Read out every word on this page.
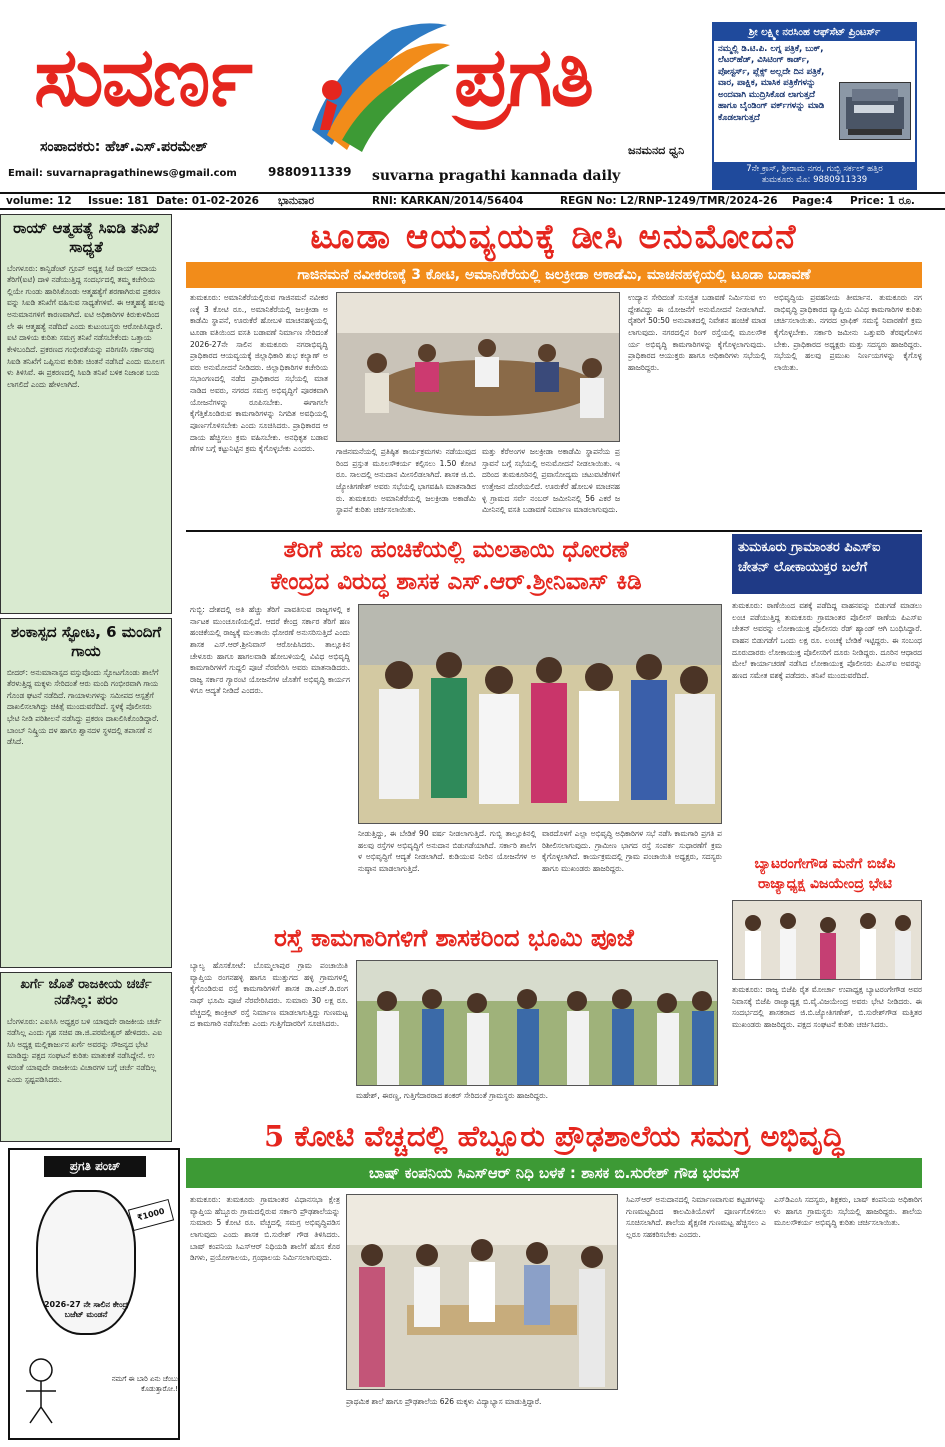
ಸುವರ್ಣ ಪ್ರಗತಿ
ಸಂಪಾದಕರು: ಹೆಚ್.ಎಸ್.ಪರಮೇಶ್
Email: suvarnapragathinews@gmail.com	9880911339
ಜನಮನದ ಧ್ವನಿ
suvarna pragathi kannada daily
ಶ್ರೀ ಲಕ್ಷ್ಮೀ ನರಸಿಂಹ ಆಫ್‌ಸೆಟ್ ಪ್ರಿಂಟರ್ಸ್
ನಮ್ಮಲ್ಲಿ ಡಿ.ಟಿ.ಪಿ. ಲಗ್ನ ಪತ್ರಿಕೆ, ಬುಕ್, ಲೆಟರ್‌ಹೆಡ್, ವಿಸಿಟಿಂಗ್ ಕಾರ್ಡ್, ಪೋಸ್ಟರ್ಸ್, ಪ್ಲೆಕ್ಸ್ ಅಲ್ಲದೇ ದಿನ ಪತ್ರಿಕೆ, ವಾರ, ಪಾಕ್ಷಿಕ, ಮಾಸಿಕ ಪತ್ರಿಕೆಗಳನ್ನು ಅಂದವಾಗಿ ಮುದ್ರಿಸಿಕೊಡ ಲಾಗುತ್ತದೆ ಹಾಗೂ ಬೈಂಡಿಂಗ್ ವರ್ಕ್‌ಗಳನ್ನು ಮಾಡಿ ಕೊಡಲಾಗುತ್ತದೆ
7ನೇ ಕ್ರಾಸ್, ಶ್ರೀರಾಮ ನಗರ, ಗುಬ್ಬಿ ಸರ್ಕಲ್ ಹತ್ತಿರ
ತುಮಕೂರು ಮೊ: 9880911339
volume: 12 Issue: 181 Date: 01-02-2026 ಭಾನುವಾರ	RNI: KARKAN/2014/56404	REGN No: L2/RNP-1249/TMR/2024-26 Page:4 Price: 1 ರೂ.
ರಾಯ್ ಆತ್ಮಹತ್ಯೆ ಸಿಐಡಿ ತನಿಖೆ ಸಾಧ್ಯತೆ
ಬೆಂಗಳೂರು: ಕಾನ್ಫಿಡೆಂಟ್ ಗ್ರೂಪ್ ಅಧ್ಯಕ್ಷ ಸಿಜೆ ರಾಯ್ ಆದಾಯ ತೆರಿಗೆ(ಐಟಿ) ದಾಳಿ ನಡೆಯುತ್ತಿದ್ದ ಸಂದರ್ಭದಲ್ಲಿ ತಮ್ಮ ಕಚೇರಿಯಲ್ಲಿಯೇ ಗುಂಡು ಹಾರಿಸಿಕೊಂಡು ಆತ್ಮಹತ್ಯೆಗೆ ಶರಣಾಗಿರುವ ಪ್ರಕರಣವನ್ನು ಸಿಐಡಿ ತನಿಖೆಗೆ ವಹಿಸುವ ಸಾಧ್ಯತೆಗಳಿವೆ. ಈ ಆತ್ಮಹತ್ಯೆ ಹಲವು ಅನುಮಾನಗಳಿಗೆ ಕಾರಣವಾಗಿದೆ. ಐಟಿ ಅಧಿಕಾರಿಗಳ ಕಿರುಕುಳದಿಂದಲೇ ಈ ಆತ್ಮಹತ್ಯೆ ನಡೆದಿದೆ ಎಂದು ಕುಟುಂಬಸ್ಥರು ಆರೋಪಿಸಿದ್ದಾರೆ. ಐಟಿ ದಾಳಿಯ ಕುರಿತು ಸಮಗ್ರ ತನಿಖೆ ನಡೆಸಬೇಕೆಂದು ಒತ್ತಾಯ ಕೇಳಿಬಂದಿದೆ. ಪ್ರಕರಣದ ಗಂಭೀರತೆಯನ್ನು ಪರಿಗಣಿಸಿ ಸರ್ಕಾರವು ಸಿಐಡಿ ತನಿಖೆಗೆ ಒಪ್ಪಿಸುವ ಕುರಿತು ಚಿಂತನೆ ನಡೆಸಿದೆ ಎಂದು ಮೂಲಗಳು ತಿಳಿಸಿವೆ. ಈ ಪ್ರಕರಣದಲ್ಲಿ ಸಿಐಡಿ ತನಿಖೆ ಬಳಿಕ ನಿಜಾಂಶ ಬಯಲಾಗಲಿದೆ ಎಂದು ಹೇಳಲಾಗಿದೆ.
ಶಂಕಾಸ್ಪದ ಸ್ಫೋಟ, 6 ಮಂದಿಗೆ ಗಾಯ
ಬೀದರ್: ಅನುಮಾನಾಸ್ಪದ ವಸ್ತುವೊಂದು ಸ್ಫೋಟಗೊಂಡು ಶಾಲೆಗೆ ತೆರಳುತ್ತಿದ್ದ ಮಕ್ಕಳು ಸೇರಿದಂತೆ ಆರು ಮಂದಿ ಗಂಭೀರವಾಗಿ ಗಾಯಗೊಂಡ ಘಟನೆ ನಡೆದಿದೆ. ಗಾಯಾಳುಗಳನ್ನು ಸಮೀಪದ ಆಸ್ಪತ್ರೆಗೆ ದಾಖಲಿಸಲಾಗಿದ್ದು ಚಿಕಿತ್ಸೆ ಮುಂದುವರೆದಿದೆ. ಸ್ಥಳಕ್ಕೆ ಪೊಲೀಸರು ಭೇಟಿ ನೀಡಿ ಪರಿಶೀಲನೆ ನಡೆಸಿದ್ದು ಪ್ರಕರಣ ದಾಖಲಿಸಿಕೊಂಡಿದ್ದಾರೆ. ಬಾಂಬ್ ನಿಷ್ಕ್ರಿಯ ದಳ ಹಾಗೂ ಶ್ವಾನದಳ ಸ್ಥಳದಲ್ಲಿ ತಪಾಸಣೆ ನಡೆಸಿದೆ.
ಖರ್ಗೆ ಜೊತೆ ರಾಜಕೀಯ ಚರ್ಚೆ ನಡೆಸಿಲ್ಲ: ಪರಂ
ಬೆಂಗಳೂರು: ಎಐಸಿಸಿ ಅಧ್ಯಕ್ಷರ ಬಳಿ ಯಾವುದೇ ರಾಜಕೀಯ ಚರ್ಚೆ ನಡೆಸಿಲ್ಲ ಎಂದು ಗೃಹ ಸಚಿವ ಡಾ.ಜಿ.ಪರಮೇಶ್ವರ್ ಹೇಳಿದರು. ಎಐಸಿಸಿ ಅಧ್ಯಕ್ಷ ಮಲ್ಲಿಕಾರ್ಜುನ ಖರ್ಗೆ ಅವರನ್ನು ಸೌಜನ್ಯದ ಭೇಟಿ ಮಾಡಿದ್ದು ಪಕ್ಷದ ಸಂಘಟನೆ ಕುರಿತು ಮಾತುಕತೆ ನಡೆಸಿದ್ದೇನೆ. ಉಳಿದಂತೆ ಯಾವುದೇ ರಾಜಕೀಯ ವಿಚಾರಗಳ ಬಗ್ಗೆ ಚರ್ಚೆ ನಡೆದಿಲ್ಲ ಎಂದು ಸ್ಪಷ್ಟಪಡಿಸಿದರು.
ಪ್ರಗತಿ ಪಂಚ್
₹1000
2026-27 ನೇ ಸಾಲಿನ ಕೇಂದ್ರ ಬಜೆಟ್ ಮಂಡನೆ
ನಮಗೆ ಈ ಬಾರಿ ಏನು ಚೆಂಬು ಕೊಡುತ್ತಾರೋ.!
ಟೂಡಾ ಆಯವ್ಯಯಕ್ಕೆ ಡೀಸಿ ಅನುಮೋದನೆ
ಗಾಜಿನಮನೆ ನವೀಕರಣಕ್ಕೆ 3 ಕೋಟಿ, ಅಮಾನಿಕೆರೆಯಲ್ಲಿ ಜಲಕ್ರೀಡಾ ಅಕಾಡೆಮಿ, ಮಾಚನಹಳ್ಳಿಯಲ್ಲಿ ಟೂಡಾ ಬಡಾವಣೆ
ತುಮಕೂರು: ಅಮಾನಿಕೆರೆಯಲ್ಲಿರುವ ಗಾಜಿನಮನೆ ನವೀಕರಣಕ್ಕೆ 3 ಕೋಟಿ ರೂ., ಅಮಾನಿಕೆರೆಯಲ್ಲಿ ಜಲಕ್ರೀಡಾ ಅಕಾಡೆಮಿ ಸ್ಥಾಪನೆ, ಊರುಕೆರೆ ಹೋಬಳಿ ಮಾಚನಹಳ್ಳಿಯಲ್ಲಿ ಟೂಡಾ ವತಿಯಿಂದ ವಸತಿ ಬಡಾವಣೆ ನಿರ್ಮಾಣ ಸೇರಿದಂತೆ 2026-27ನೇ ಸಾಲಿನ ತುಮಕೂರು ನಗರಾಭಿವೃದ್ಧಿ ಪ್ರಾಧಿಕಾರದ ಆಯವ್ಯಯಕ್ಕೆ ಜಿಲ್ಲಾಧಿಕಾರಿ ಶುಭ ಕಲ್ಯಾಣ್ ಅವರು ಅನುಮೋದನೆ ನೀಡಿದರು. ಜಿಲ್ಲಾಧಿಕಾರಿಗಳ ಕಚೇರಿಯ ಸಭಾಂಗಣದಲ್ಲಿ ನಡೆದ ಪ್ರಾಧಿಕಾರದ ಸಭೆಯಲ್ಲಿ ಮಾತನಾಡಿದ ಅವರು, ನಗರದ ಸಮಗ್ರ ಅಭಿವೃದ್ಧಿಗೆ ಪೂರಕವಾಗಿ ಯೋಜನೆಗಳನ್ನು ರೂಪಿಸಬೇಕು. ಈಗಾಗಲೇ ಕೈಗೆತ್ತಿಕೊಂಡಿರುವ ಕಾಮಗಾರಿಗಳನ್ನು ನಿಗದಿತ ಅವಧಿಯಲ್ಲಿ ಪೂರ್ಣಗೊಳಿಸಬೇಕು ಎಂದು ಸೂಚಿಸಿದರು. ಪ್ರಾಧಿಕಾರದ ಆದಾಯ ಹೆಚ್ಚಿಸಲು ಕ್ರಮ ವಹಿಸಬೇಕು. ಅನಧಿಕೃತ ಬಡಾವಣೆಗಳ ಬಗ್ಗೆ ಕಟ್ಟುನಿಟ್ಟಿನ ಕ್ರಮ ಕೈಗೊಳ್ಳಬೇಕು ಎಂದರು.	ಗಾಜಿನಮನೆಯಲ್ಲಿ ಪ್ರತಿಷ್ಠಿತ ಕಾರ್ಯಕ್ರಮಗಳು ನಡೆಯುವುದರಿಂದ ಪ್ರಸ್ತುತ ಮೂಲಸೌಕರ್ಯ ಕಲ್ಪಿಸಲು 1.50 ಕೋಟಿ ರೂ. ಸಾಲದಲ್ಲಿ ಅನುದಾನ ಮೀಸಲಿಡಲಾಗಿದೆ. ಶಾಸಕ ಜಿ.ಬಿ.ಜ್ಯೋತಿಗಣೇಶ್ ಅವರು ಸಭೆಯಲ್ಲಿ ಭಾಗವಹಿಸಿ ಮಾತನಾಡಿದರು. ತುಮಕೂರು ಅಮಾನಿಕೆರೆಯಲ್ಲಿ ಜಲಕ್ರೀಡಾ ಅಕಾಡೆಮಿ ಸ್ಥಾಪನೆ ಕುರಿತು ಚರ್ಚಿಸಲಾಯಿತು.
ಮತ್ತು ಕೆರೆಅಂಗಳ ಜಲಕ್ರೀಡಾ ಅಕಾಡೆಮಿ ಸ್ಥಾಪನೆಯ ಪ್ರಸ್ತಾವನೆ ಬಗ್ಗೆ ಸಭೆಯಲ್ಲಿ ಅನುಮೋದನೆ ನೀಡಲಾಯಿತು. ಇದರಿಂದ ತುಮಕೂರಿನಲ್ಲಿ ಪ್ರವಾಸೋದ್ಯಮ ಚಟುವಟಿಕೆಗಳಿಗೆ ಉತ್ತೇಜನ ದೊರೆಯಲಿದೆ. ಊರುಕೆರೆ ಹೋಬಳಿ ಮಾಚನಹಳ್ಳಿ ಗ್ರಾಮದ ಸರ್ವೆ ನಂಬರ್ ಜಮೀನಿನಲ್ಲಿ 56 ಎಕರೆ ಜಮೀನಿನಲ್ಲಿ ವಸತಿ ಬಡಾವಣೆ ನಿರ್ಮಾಣ ಮಾಡಲಾಗುವುದು.
ಉದ್ಯಾನ ಸೇರಿದಂತೆ ಸುಸಜ್ಜಿತ ಬಡಾವಣೆ ನಿರ್ಮಿಸುವ ಉದ್ದೇಶವಿದ್ದು ಈ ಯೋಜನೆಗೆ ಅನುಮೋದನೆ ನೀಡಲಾಗಿದೆ. ರೈತರಿಗೆ 50:50 ಅನುಪಾತದಲ್ಲಿ ನಿವೇಶನ ಹಂಚಿಕೆ ಮಾಡಲಾಗುವುದು. ನಗರದಲ್ಲಿನ ರಿಂಗ್ ರಸ್ತೆಯಲ್ಲಿ ಮೂಲಸೌಕರ್ಯ ಅಭಿವೃದ್ಧಿ ಕಾಮಗಾರಿಗಳನ್ನು ಕೈಗೊಳ್ಳಲಾಗುವುದು. ಪ್ರಾಧಿಕಾರದ ಆಯುಕ್ತರು ಹಾಗೂ ಅಧಿಕಾರಿಗಳು ಸಭೆಯಲ್ಲಿ ಹಾಜರಿದ್ದರು.
ಅಭಿವೃದ್ಧಿಯ ಪ್ರವಹನೀಯ ತೀರ್ಮಾನ. ತುಮಕೂರು ನಗರಾಭಿವೃದ್ಧಿ ಪ್ರಾಧಿಕಾರದ ವ್ಯಾಪ್ತಿಯ ವಿವಿಧ ಕಾಮಗಾರಿಗಳ ಕುರಿತು ಚರ್ಚಿಸಲಾಯಿತು. ನಗರದ ಟ್ರಾಫಿಕ್ ಸಮಸ್ಯೆ ನಿವಾರಣೆಗೆ ಕ್ರಮ ಕೈಗೊಳ್ಳಬೇಕು. ಸರ್ಕಾರಿ ಜಮೀನು ಒತ್ತುವರಿ ತೆರವುಗೊಳಿಸಬೇಕು. ಪ್ರಾಧಿಕಾರದ ಅಧ್ಯಕ್ಷರು ಮತ್ತು ಸದಸ್ಯರು ಹಾಜರಿದ್ದರು. ಸಭೆಯಲ್ಲಿ ಹಲವು ಪ್ರಮುಖ ನಿರ್ಣಯಗಳನ್ನು ಕೈಗೊಳ್ಳಲಾಯಿತು.
ತೆರಿಗೆ ಹಣ ಹಂಚಿಕೆಯಲ್ಲಿ ಮಲತಾಯಿ ಧೋರಣೆ
ಕೇಂದ್ರದ ವಿರುದ್ಧ ಶಾಸಕ ಎಸ್.ಆರ್.ಶ್ರೀನಿವಾಸ್ ಕಿಡಿ
ಗುಬ್ಬಿ: ದೇಶದಲ್ಲಿ ಅತಿ ಹೆಚ್ಚು ತೆರಿಗೆ ಪಾವತಿಸುವ ರಾಜ್ಯಗಳಲ್ಲಿ ಕರ್ನಾಟಕ ಮುಂಚೂಣಿಯಲ್ಲಿದೆ. ಆದರೆ ಕೇಂದ್ರ ಸರ್ಕಾರ ತೆರಿಗೆ ಹಣ ಹಂಚಿಕೆಯಲ್ಲಿ ರಾಜ್ಯಕ್ಕೆ ಮಲತಾಯಿ ಧೋರಣೆ ಅನುಸರಿಸುತ್ತಿದೆ ಎಂದು ಶಾಸಕ ಎಸ್.ಆರ್.ಶ್ರೀನಿವಾಸ್ ಆರೋಪಿಸಿದರು. ತಾಲ್ಲೂಕಿನ ಚೇಳೂರು ಹಾಗೂ ಹಾಗಲವಾಡಿ ಹೋಬಳಿಯಲ್ಲಿ ವಿವಿಧ ಅಭಿವೃದ್ಧಿ ಕಾಮಗಾರಿಗಳಿಗೆ ಗುದ್ದಲಿ ಪೂಜೆ ನೆರವೇರಿಸಿ ಅವರು ಮಾತನಾಡಿದರು. ರಾಜ್ಯ ಸರ್ಕಾರ ಗ್ಯಾರಂಟಿ ಯೋಜನೆಗಳ ಜೊತೆಗೆ ಅಭಿವೃದ್ಧಿ ಕಾರ್ಯಗಳಿಗೂ ಆದ್ಯತೆ ನೀಡಿದೆ ಎಂದರು.
ನೀಡುತ್ತಿದ್ದು, ಈ ಬೇಡಿಕೆ 90 ವರ್ಷ ನೀಡಲಾಗುತ್ತಿದೆ. ಗುಬ್ಬಿ ತಾಲ್ಲೂಕಿನಲ್ಲಿ ಹಲವು ರಸ್ತೆಗಳ ಅಭಿವೃದ್ಧಿಗೆ ಅನುದಾನ ಬಿಡುಗಡೆಯಾಗಿದೆ. ಸರ್ಕಾರಿ ಶಾಲೆಗಳ ಅಭಿವೃದ್ಧಿಗೆ ಆದ್ಯತೆ ನೀಡಲಾಗಿದೆ. ಕುಡಿಯುವ ನೀರಿನ ಯೋಜನೆಗಳ ಅನುಷ್ಠಾನ ಮಾಡಲಾಗುತ್ತಿದೆ.
ವಾರದೊಳಗೆ ಎಲ್ಲಾ ಅಭಿವೃದ್ಧಿ ಅಧಿಕಾರಿಗಳ ಸಭೆ ನಡೆಸಿ ಕಾಮಗಾರಿ ಪ್ರಗತಿ ಪರಿಶೀಲಿಸಲಾಗುವುದು. ಗ್ರಾಮೀಣ ಭಾಗದ ರಸ್ತೆ ಸಂಪರ್ಕ ಸುಧಾರಣೆಗೆ ಕ್ರಮ ಕೈಗೊಳ್ಳಲಾಗಿದೆ. ಕಾರ್ಯಕ್ರಮದಲ್ಲಿ ಗ್ರಾಮ ಪಂಚಾಯಿತಿ ಅಧ್ಯಕ್ಷರು, ಸದಸ್ಯರು ಹಾಗೂ ಮುಖಂಡರು ಹಾಜರಿದ್ದರು.
ತುಮಕೂರು ಗ್ರಾಮಾಂತರ ಪಿಎಸ್‌ಐ ಚೇತನ್ ಲೋಕಾಯುಕ್ತರ ಬಲೆಗೆ
ತುಮಕೂರು: ಠಾಣೆಯಿಂದ ವಶಕ್ಕೆ ಪಡೆದಿದ್ದ ವಾಹನವನ್ನು ಬಿಡುಗಡೆ ಮಾಡಲು ಲಂಚ ಪಡೆಯುತ್ತಿದ್ದ ತುಮಕೂರು ಗ್ರಾಮಾಂತರ ಪೊಲೀಸ್ ಠಾಣೆಯ ಪಿಎಸ್‌ಐ ಚೇತನ್ ಅವರನ್ನು ಲೋಕಾಯುಕ್ತ ಪೊಲೀಸರು ರೆಡ್ ಹ್ಯಾಂಡ್ ಆಗಿ ಬಂಧಿಸಿದ್ದಾರೆ. ವಾಹನ ಬಿಡುಗಡೆಗೆ ಒಂದು ಲಕ್ಷ ರೂ. ಲಂಚಕ್ಕೆ ಬೇಡಿಕೆ ಇಟ್ಟಿದ್ದರು. ಈ ಸಂಬಂಧ ದೂರುದಾರರು ಲೋಕಾಯುಕ್ತ ಪೊಲೀಸರಿಗೆ ದೂರು ನೀಡಿದ್ದರು. ದೂರಿನ ಆಧಾರದ ಮೇಲೆ ಕಾರ್ಯಾಚರಣೆ ನಡೆಸಿದ ಲೋಕಾಯುಕ್ತ ಪೊಲೀಸರು ಪಿಎಸ್‌ಐ ಅವರನ್ನು ಹಣದ ಸಮೇತ ವಶಕ್ಕೆ ಪಡೆದರು. ತನಿಖೆ ಮುಂದುವರೆದಿದೆ.
ಬ್ಯಾಟರಂಗೇಗೌಡ ಮನೆಗೆ ಬಿಜೆಪಿ
ರಾಜ್ಯಾಧ್ಯಕ್ಷ ವಿಜಯೇಂದ್ರ ಭೇಟಿ
ತುಮಕೂರು: ರಾಜ್ಯ ಬಿಜೆಪಿ ರೈತ ಮೋರ್ಚಾ ಉಪಾಧ್ಯಕ್ಷ ಬ್ಯಾಟರಂಗೇಗೌಡ ಅವರ ನಿವಾಸಕ್ಕೆ ಬಿಜೆಪಿ ರಾಜ್ಯಾಧ್ಯಕ್ಷ ಬಿ.ವೈ.ವಿಜಯೇಂದ್ರ ಅವರು ಭೇಟಿ ನೀಡಿದರು. ಈ ಸಂದರ್ಭದಲ್ಲಿ ಶಾಸಕರಾದ ಜಿ.ಬಿ.ಜ್ಯೋತಿಗಣೇಶ್, ಬಿ.ಸುರೇಶ್‌ಗೌಡ ಮತ್ತಿತರ ಮುಖಂಡರು ಹಾಜರಿದ್ದರು. ಪಕ್ಷದ ಸಂಘಟನೆ ಕುರಿತು ಚರ್ಚಿಸಿದರು.
ರಸ್ತೆ ಕಾಮಗಾರಿಗಳಿಗೆ ಶಾಸಕರಿಂದ ಭೂಮಿ ಪೂಜೆ
ಬ್ಯಾಲ್ಯ ಹೊಸಕೋಟೆ: ಬೊಮ್ಮಲಾಪುರ ಗ್ರಾಮ ಪಂಚಾಯಿತಿ ವ್ಯಾಪ್ತಿಯ ರಂಗನಹಳ್ಳಿ ಹಾಗೂ ಮುತ್ತುಗದ ಹಳ್ಳಿ ಗ್ರಾಮಗಳಲ್ಲಿ ಕೈಗೊಂಡಿರುವ ರಸ್ತೆ ಕಾಮಗಾರಿಗಳಿಗೆ ಶಾಸಕ ಡಾ.ಎಚ್.ಡಿ.ರಂಗನಾಥ್ ಭೂಮಿ ಪೂಜೆ ನೆರವೇರಿಸಿದರು. ಸುಮಾರು 30 ಲಕ್ಷ ರೂ. ವೆಚ್ಚದಲ್ಲಿ ಕಾಂಕ್ರೀಟ್ ರಸ್ತೆ ನಿರ್ಮಾಣ ಮಾಡಲಾಗುತ್ತಿದ್ದು ಗುಣಮಟ್ಟದ ಕಾಮಗಾರಿ ನಡೆಸಬೇಕು ಎಂದು ಗುತ್ತಿಗೆದಾರರಿಗೆ ಸೂಚಿಸಿದರು.
ಮಹೇಶ್, ಈರಣ್ಣ, ಗುತ್ತಿಗೆದಾರರಾದ ಶಂಕರ್ ಸೇರಿದಂತೆ ಗ್ರಾಮಸ್ಥರು ಹಾಜರಿದ್ದರು.
5 ಕೋಟಿ ವೆಚ್ಚದಲ್ಲಿ ಹೆಬ್ಬೂರು ಪ್ರೌಢಶಾಲೆಯ ಸಮಗ್ರ ಅಭಿವೃದ್ಧಿ
ಬಾಷ್ ಕಂಪನಿಯ ಸಿಎಸ್‌ಆರ್ ನಿಧಿ ಬಳಕೆ : ಶಾಸಕ ಬಿ.ಸುರೇಶ್ ಗೌಡ ಭರವಸೆ
ತುಮಕೂರು: ತುಮಕೂರು ಗ್ರಾಮಾಂತರ ವಿಧಾನಸಭಾ ಕ್ಷೇತ್ರ ವ್ಯಾಪ್ತಿಯ ಹೆಬ್ಬೂರು ಗ್ರಾಮದಲ್ಲಿರುವ ಸರ್ಕಾರಿ ಪ್ರೌಢಶಾಲೆಯನ್ನು ಸುಮಾರು 5 ಕೋಟಿ ರೂ. ವೆಚ್ಚದಲ್ಲಿ ಸಮಗ್ರ ಅಭಿವೃದ್ಧಿಪಡಿಸಲಾಗುವುದು ಎಂದು ಶಾಸಕ ಬಿ.ಸುರೇಶ್ ಗೌಡ ತಿಳಿಸಿದರು. ಬಾಷ್ ಕಂಪನಿಯ ಸಿಎಸ್‌ಆರ್ ನಿಧಿಯಡಿ ಶಾಲೆಗೆ ಹೊಸ ಕೊಠಡಿಗಳು, ಪ್ರಯೋಗಾಲಯ, ಗ್ರಂಥಾಲಯ ನಿರ್ಮಿಸಲಾಗುವುದು.
ಪ್ರಾಥಮಿಕ ಶಾಲೆ ಹಾಗೂ ಪ್ರೌಢಶಾಲೆಯ 626 ಮಕ್ಕಳು ವಿದ್ಯಾಭ್ಯಾಸ ಮಾಡುತ್ತಿದ್ದಾರೆ.
ಸಿಎಸ್‌ಆರ್ ಅನುದಾನದಲ್ಲಿ ನಿರ್ಮಾಣವಾಗುವ ಕಟ್ಟಡಗಳನ್ನು ಗುಣಮಟ್ಟದಿಂದ ಕಾಲಮಿತಿಯೊಳಗೆ ಪೂರ್ಣಗೊಳಿಸಲು ಸೂಚಿಸಲಾಗಿದೆ. ಶಾಲೆಯ ಶೈಕ್ಷಣಿಕ ಗುಣಮಟ್ಟ ಹೆಚ್ಚಿಸಲು ಎಲ್ಲರೂ ಸಹಕರಿಸಬೇಕು ಎಂದರು.
ಎಸ್‌ಡಿಎಂಸಿ ಸದಸ್ಯರು, ಶಿಕ್ಷಕರು, ಬಾಷ್ ಕಂಪನಿಯ ಅಧಿಕಾರಿಗಳು ಹಾಗೂ ಗ್ರಾಮಸ್ಥರು ಸಭೆಯಲ್ಲಿ ಹಾಜರಿದ್ದರು. ಶಾಲೆಯ ಮೂಲಸೌಕರ್ಯ ಅಭಿವೃದ್ಧಿ ಕುರಿತು ಚರ್ಚಿಸಲಾಯಿತು.
